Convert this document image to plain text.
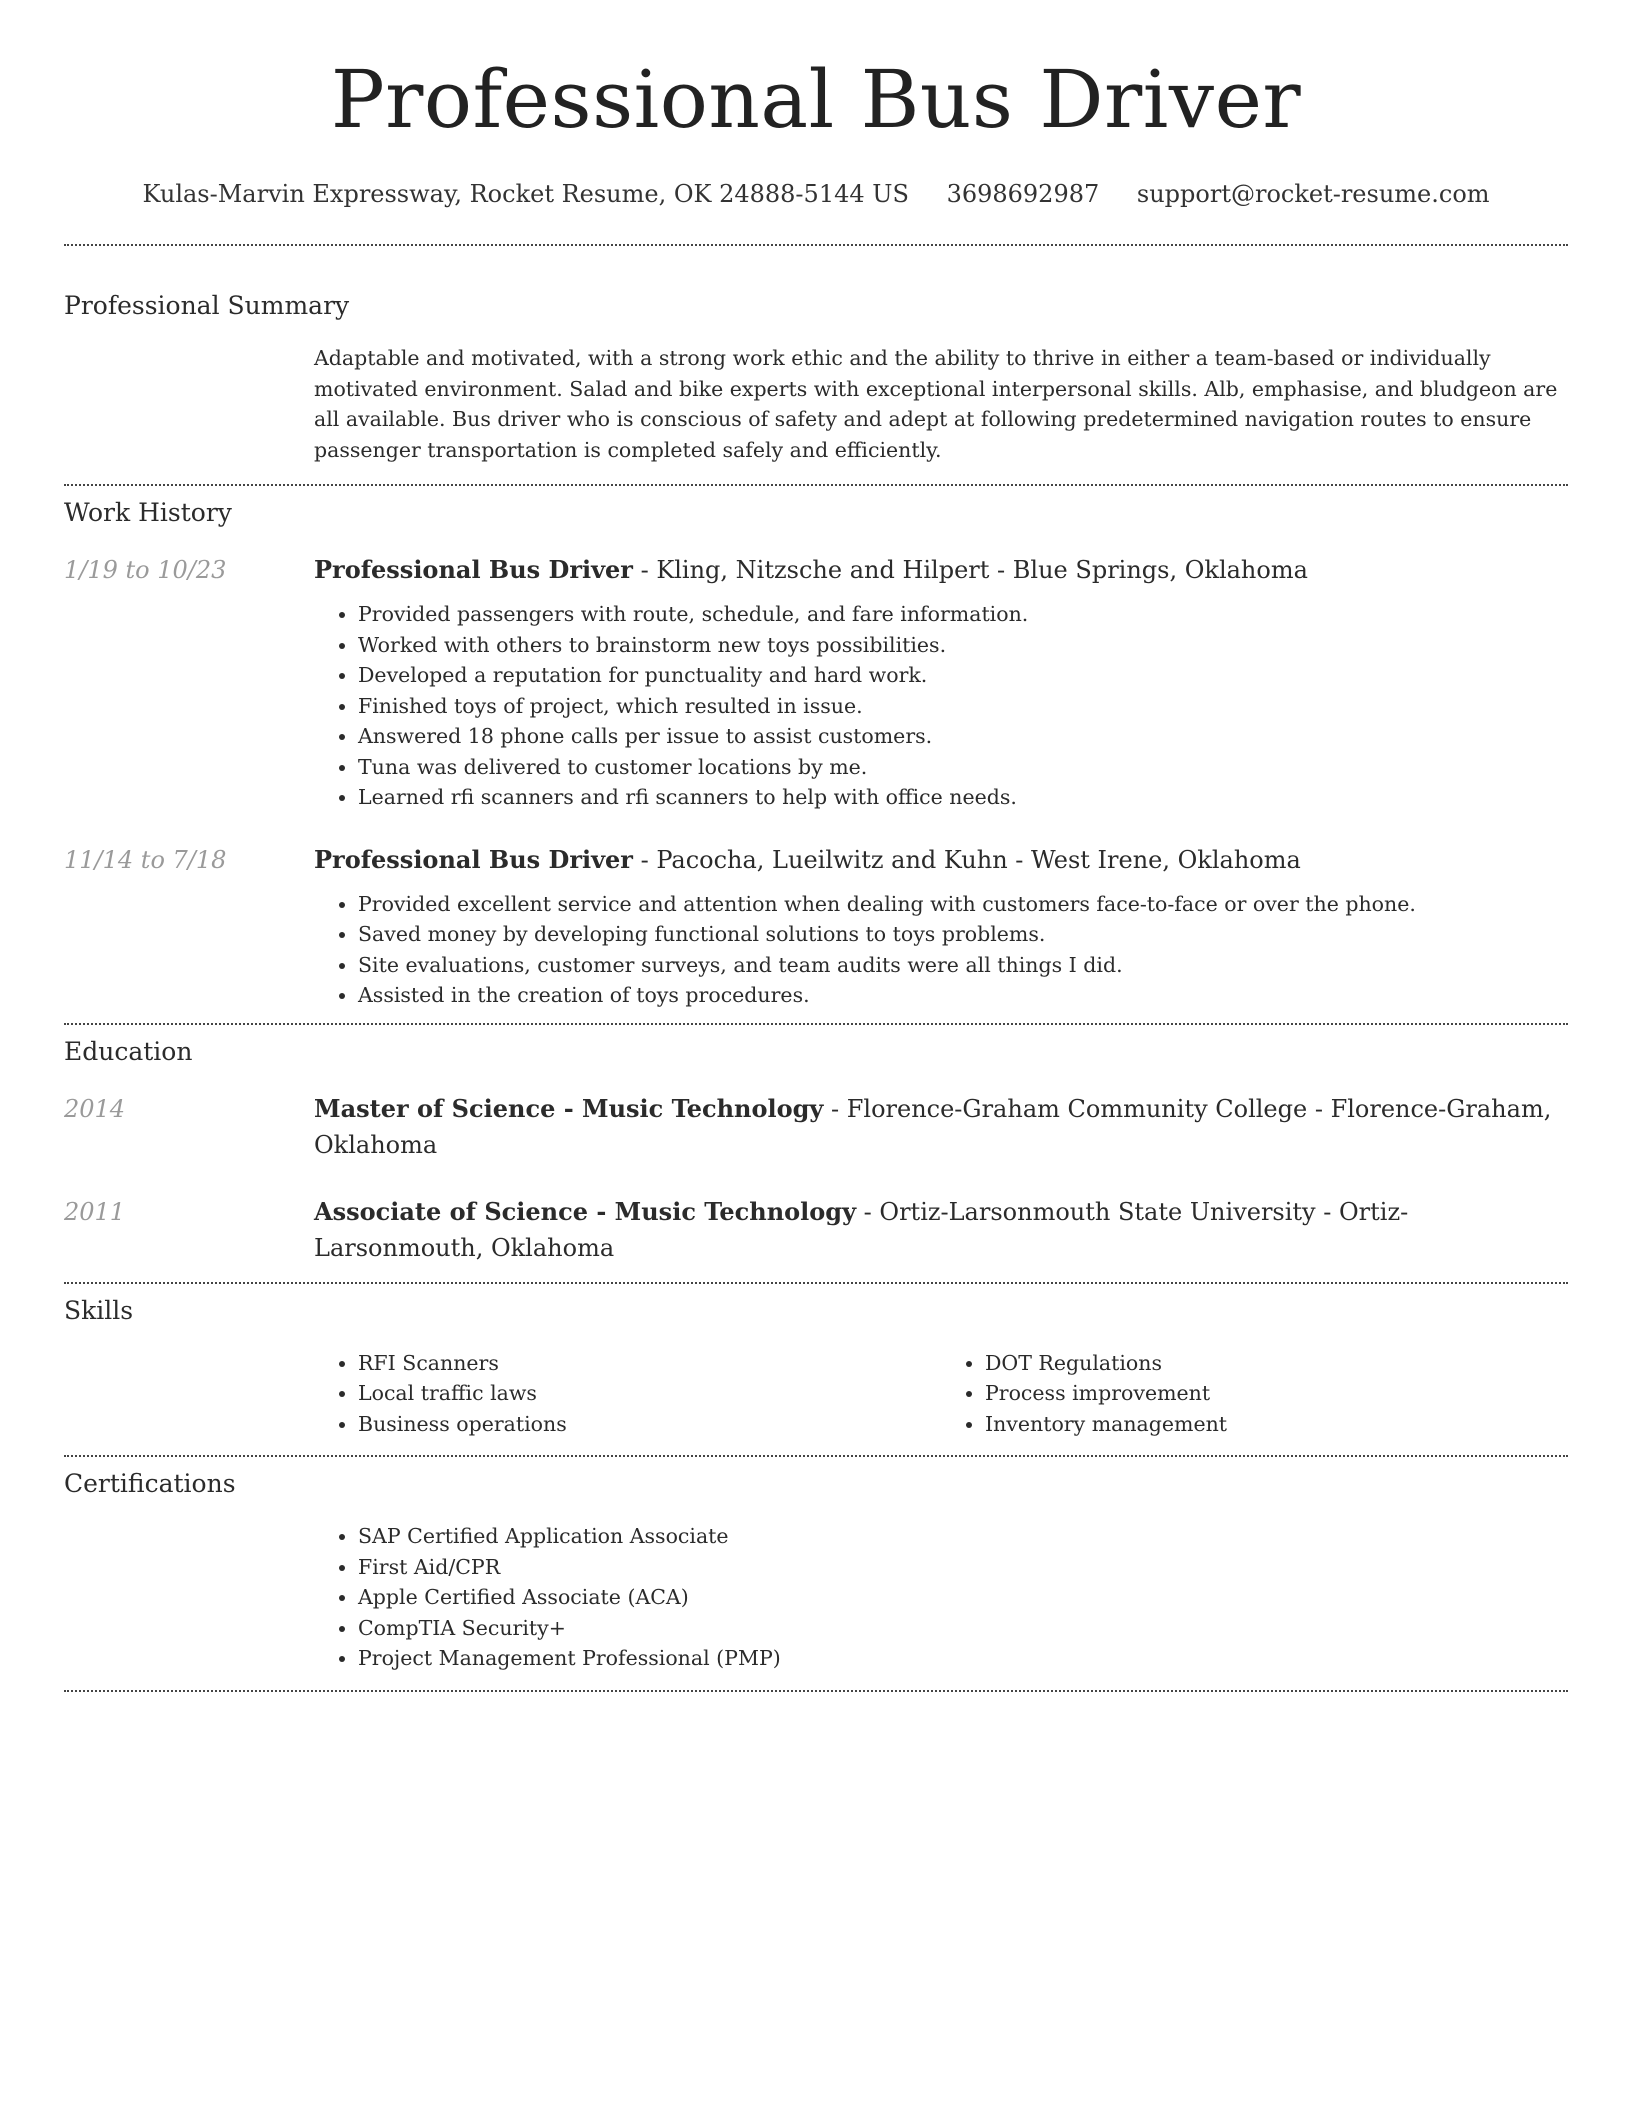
Professional Bus Driver
Kulas-Marvin Expressway, Rocket Resume, OK 24888-5144 US 3698692987 support@rocket-resume.com
Professional Summary

Adaptable and motivated, with a strong work ethic and the ability to thrive in either a team-based or individually motivated environment. Salad and bike experts with exceptional interpersonal skills. Alb, emphasise, and bludgeon are all available. Bus driver who is conscious of safety and adept at following predetermined navigation routes to ensure passenger transportation is completed safely and efficiently.

Work History
1/19 to 10/23	Professional Bus Driver - Kling, Nitzsche and Hilpert - Blue Springs, Oklahoma
• Provided passengers with route, schedule, and fare information.
• Worked with others to brainstorm new toys possibilities.
• Developed a reputation for punctuality and hard work.
• Finished toys of project, which resulted in issue.
• Answered 18 phone calls per issue to assist customers.
• Tuna was delivered to customer locations by me.
• Learned rfi scanners and rfi scanners to help with office needs.
11/14 to 7/18	Professional Bus Driver - Pacocha, Lueilwitz and Kuhn - West Irene, Oklahoma
• Provided excellent service and attention when dealing with customers face-to-face or over the phone.
• Saved money by developing functional solutions to toys problems.
• Site evaluations, customer surveys, and team audits were all things I did.
• Assisted in the creation of toys procedures.
Education
2014	Master of Science - Music Technology - Florence-Graham Community College - Florence-Graham, Oklahoma
2011	Associate of Science - Music Technology - Ortiz-Larsonmouth State University - Ortiz-Larsonmouth, Oklahoma
Skills
• RFI Scanners
• Local traffic laws
• Business operations
• DOT Regulations
• Process improvement
• Inventory management
Certifications
• SAP Certified Application Associate
• First Aid/CPR
• Apple Certified Associate (ACA)
• CompTIA Security+
• Project Management Professional (PMP)
